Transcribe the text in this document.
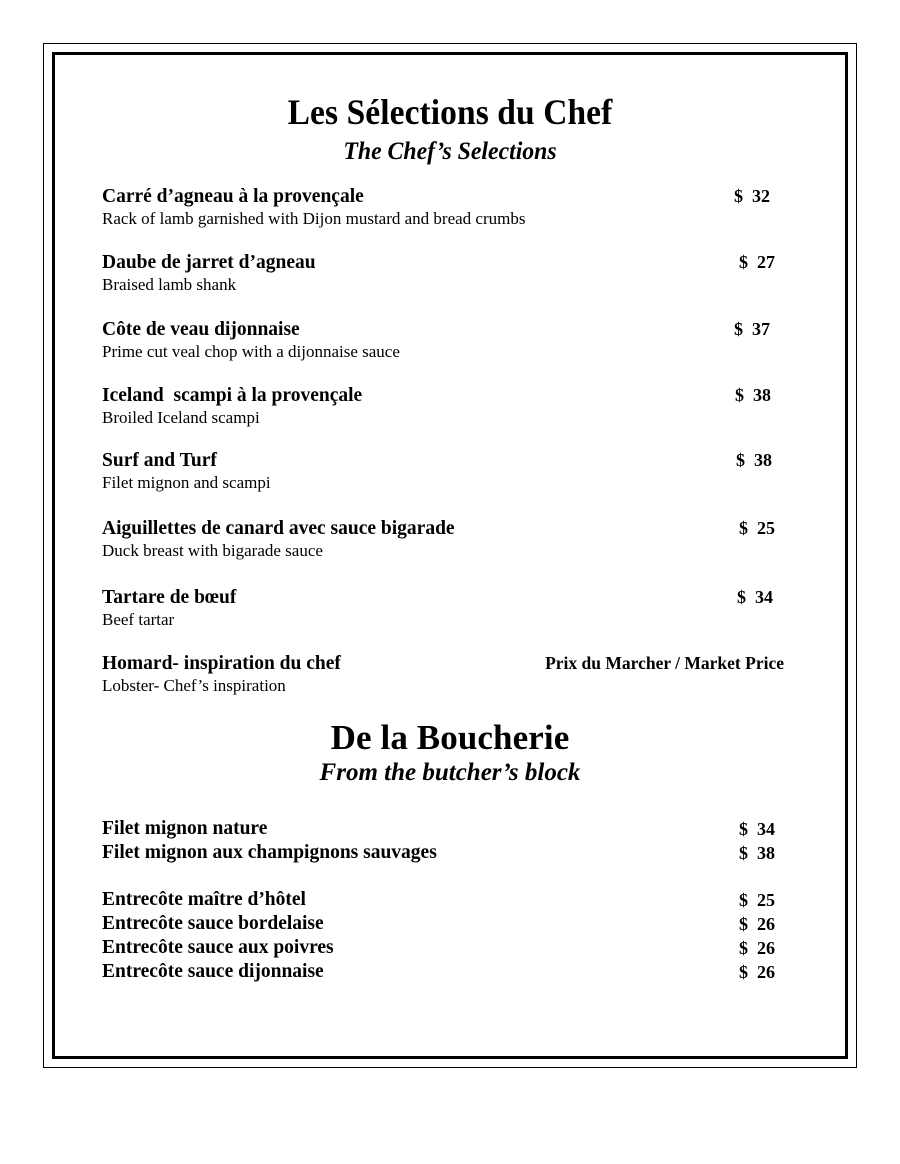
Les Sélections du Chef
The Chef’s Selections
Carré d’agneau à la provençale	$  32
Rack of lamb garnished with Dijon mustard and bread crumbs
Daube de jarret d’agneau	$  27
Braised lamb shank
Côte de veau dijonnaise	$  37
Prime cut veal chop with a dijonnaise sauce
Iceland  scampi à la provençale	$  38
Broiled Iceland scampi
Surf and Turf	$  38
Filet mignon and scampi
Aiguillettes de canard avec sauce bigarade	$  25
Duck breast with bigarade sauce
Tartare de bœuf	$  34
Beef tartar
Homard- inspiration du chef	Prix du Marcher / Market Price
Lobster- Chef’s inspiration
De la Boucherie
From the butcher’s block
Filet mignon nature	$  34
Filet mignon aux champignons sauvages	$  38
Entrecôte maître d’hôtel	$  25
Entrecôte sauce bordelaise	$  26
Entrecôte sauce aux poivres	$  26
Entrecôte sauce dijonnaise	$  26
